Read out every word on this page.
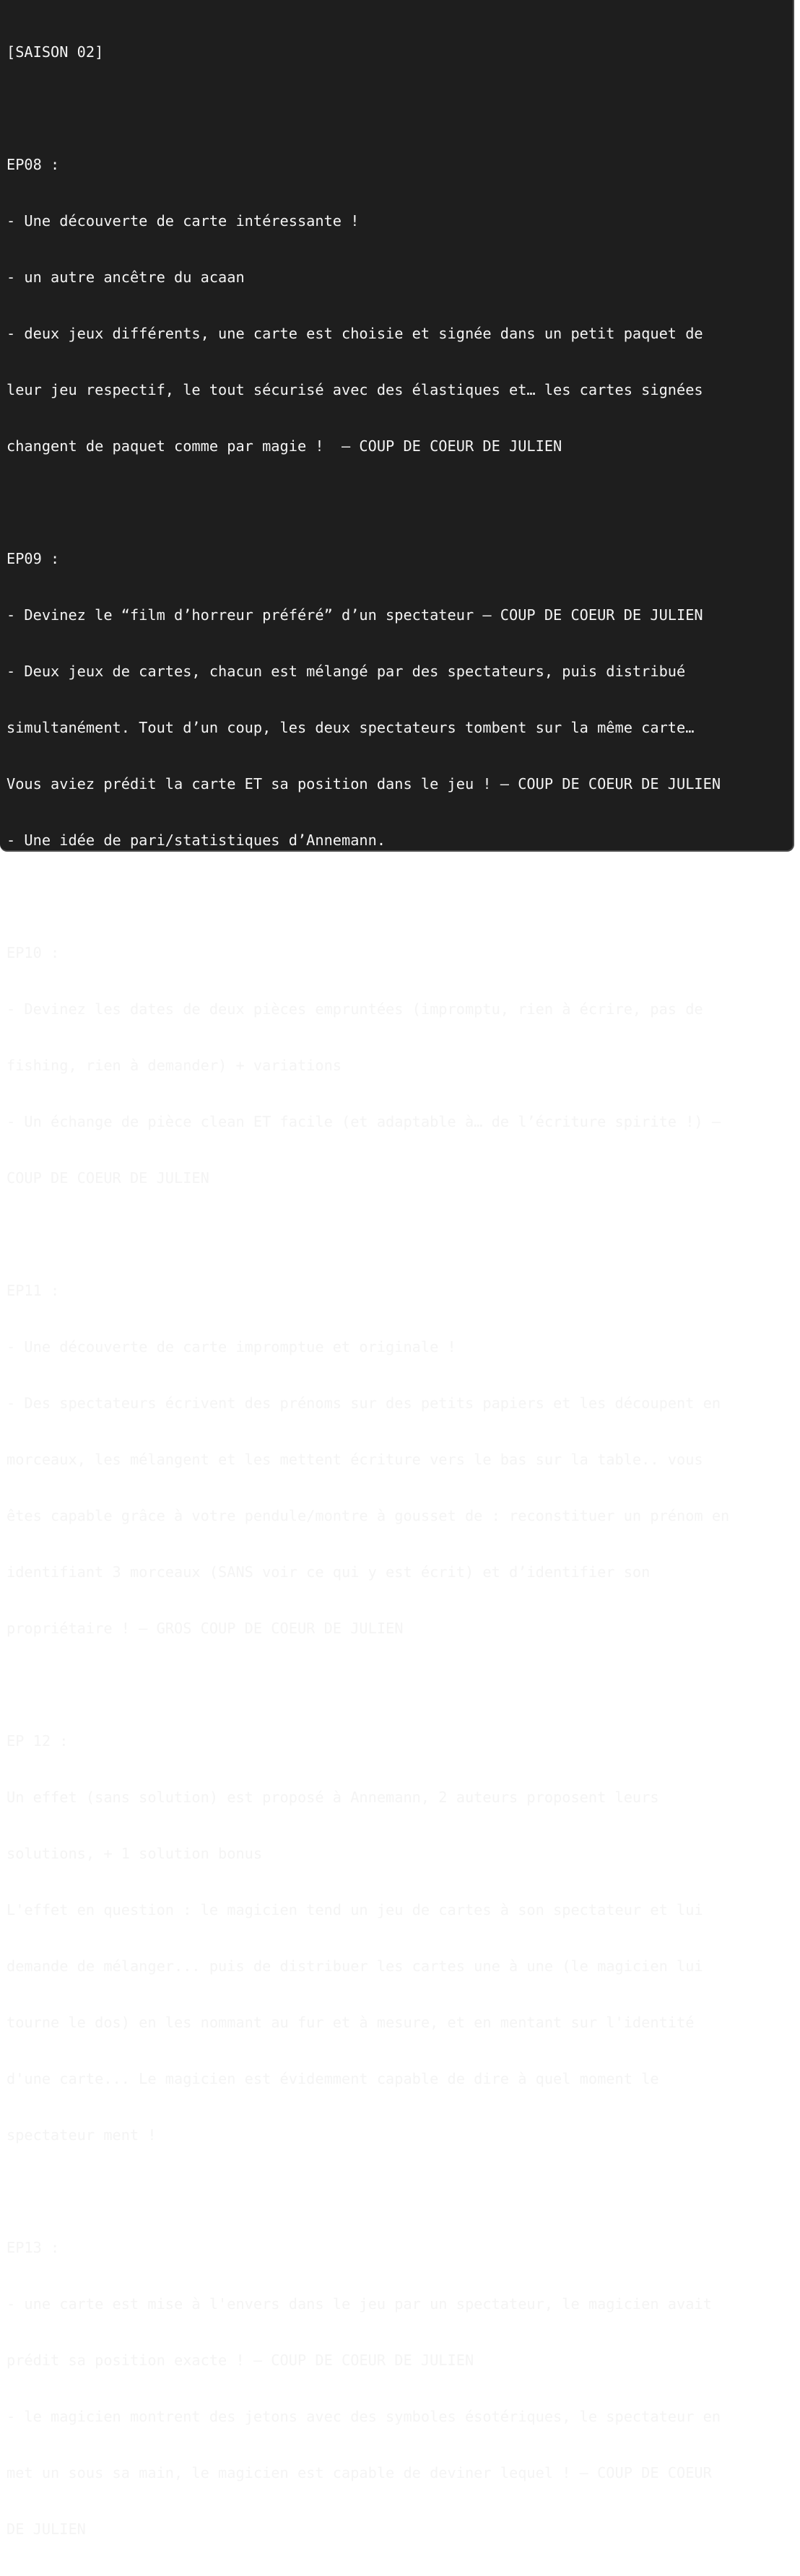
[SAISON 02]

EP08 :

- Une découverte de carte intéressante !

- un autre ancêtre du acaan

- deux jeux différents, une carte est choisie et signée dans un petit paquet de

leur jeu respectif, le tout sécurisé avec des élastiques et… les cartes signées

changent de paquet comme par magie !  – COUP DE COEUR DE JULIEN

EP09 :

- Devinez le “film d’horreur préféré” d’un spectateur – COUP DE COEUR DE JULIEN

- Deux jeux de cartes, chacun est mélangé par des spectateurs, puis distribué

simultanément. Tout d’un coup, les deux spectateurs tombent sur la même carte…

Vous aviez prédit la carte ET sa position dans le jeu ! – COUP DE COEUR DE JULIEN

- Une idée de pari/statistiques d’Annemann.

EP10 :

- Devinez les dates de deux pièces empruntées (impromptu, rien à écrire, pas de

fishing, rien à demander) + variations

- Un échange de pièce clean ET facile (et adaptable à… de l’écriture spirite !) –

COUP DE COEUR DE JULIEN

EP11 :

- Une découverte de carte impromptue et originale !

- Des spectateurs écrivent des prénoms sur des petits papiers et les découpent en

morceaux, les mélangent et les mettent écriture vers le bas sur la table.. vous

êtes capable grâce à votre pendule/montre à gousset de : reconstituer un prénom en

identifiant 3 morceaux (SANS voir ce qui y est écrit) et d’identifier son

propriétaire ! – GROS COUP DE COEUR DE JULIEN

EP 12 :

Un effet (sans solution) est proposé à Annemann, 2 auteurs proposent leurs

solutions, + 1 solution bonus

L'effet en question : le magicien tend un jeu de cartes à son spectateur et lui

demande de mélanger... puis de distribuer les cartes une à une (le magicien lui

tourne le dos) en les nommant au fur et à mesure, et en mentant sur l'identité

d'une carte... Le magicien est évidemment capable de dire à quel moment le

spectateur ment !

EP13 :

- une carte est mise à l'envers dans le jeu par un spectateur, le magicien avait

prédit sa position exacte ! – COUP DE COEUR DE JULIEN

- le magicien montrent des jetons avec des symboles ésotériques, le spectateur en

met un sous sa main, le magicien est capable de deviner lequel ! – COUP DE COEUR

DE JULIEN
